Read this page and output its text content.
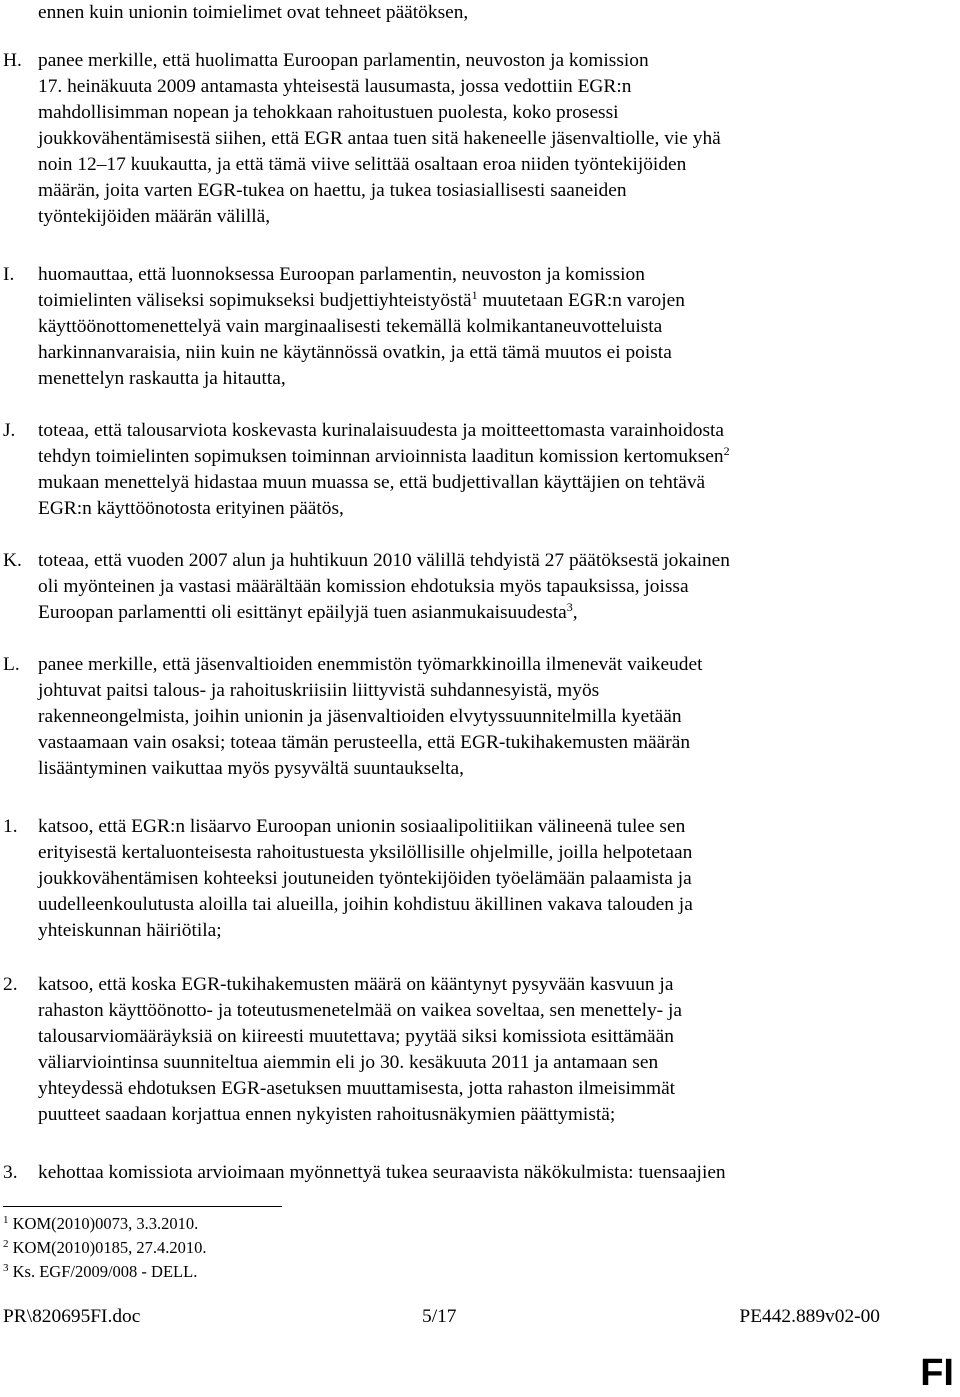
ennen kuin unionin toimielimet ovat tehneet päätöksen,
H. panee merkille, että huolimatta Euroopan parlamentin, neuvoston ja komission
17. heinäkuuta 2009 antamasta yhteisestä lausumasta, jossa vedottiin EGR:n
mahdollisimman nopean ja tehokkaan rahoitustuen puolesta, koko prosessi
joukkovähentämisestä siihen, että EGR antaa tuen sitä hakeneelle jäsenvaltiolle, vie yhä
noin 12–17 kuukautta, ja että tämä viive selittää osaltaan eroa niiden työntekijöiden
määrän, joita varten EGR-tukea on haettu, ja tukea tosiasiallisesti saaneiden
työntekijöiden määrän välillä,
I. huomauttaa, että luonnoksessa Euroopan parlamentin, neuvoston ja komission
toimielinten väliseksi sopimukseksi budjettiyhteistyöstä$^1$ muutetaan EGR:n varojen
käyttöönottomenettelyä vain marginaalisesti tekemällä kolmikantaneuvotteluista
harkinnanvaraisia, niin kuin ne käytännössä ovatkin, ja että tämä muutos ei poista
menettelyn raskautta ja hitautta,
J. toteaa, että talousarviota koskevasta kurinalaisuudesta ja moitteettomasta varainhoidosta
tehdyn toimielinten sopimuksen toiminnan arvioinnista laaditun komission kertomuksen$^2$
mukaan menettelyä hidastaa muun muassa se, että budjettivallan käyttäjien on tehtävä
EGR:n käyttöönotosta erityinen päätös,
K. toteaa, että vuoden 2007 alun ja huhtikuun 2010 välillä tehdyistä 27 päätöksestä jokainen
oli myönteinen ja vastasi määrältään komission ehdotuksia myös tapauksissa, joissa
Euroopan parlamentti oli esittänyt epäilyjä tuen asianmukaisuudesta$^3$,
L. panee merkille, että jäsenvaltioiden enemmistön työmarkkinoilla ilmenevät vaikeudet
johtuvat paitsi talous- ja rahoituskriisiin liittyvistä suhdannesyistä, myös
rakenneongelmista, joihin unionin ja jäsenvaltioiden elvytyssuunnitelmilla kyetään
vastaamaan vain osaksi; toteaa tämän perusteella, että EGR-tukihakemusten määrän
lisääntyminen vaikuttaa myös pysyvältä suuntaukselta,
1. katsoo, että EGR:n lisäarvo Euroopan unionin sosiaalipolitiikan välineenä tulee sen
erityisestä kertaluonteisesta rahoitustuesta yksilöllisille ohjelmille, joilla helpotetaan
joukkovähentämisen kohteeksi joutuneiden työntekijöiden työelämään palaamista ja
uudelleenkoulutusta aloilla tai alueilla, joihin kohdistuu äkillinen vakava talouden ja
yhteiskunnan häiriötila;
2. katsoo, että koska EGR-tukihakemusten määrä on kääntynyt pysyvään kasvuun ja
rahaston käyttöönotto- ja toteutusmenetelmää on vaikea soveltaa, sen menettely- ja
talousarviomääräyksiä on kiireesti muutettava; pyytää siksi komissiota esittämään
väliarviointinsa suunniteltua aiemmin eli jo 30. kesäkuuta 2011 ja antamaan sen
yhteydessä ehdotuksen EGR-asetuksen muuttamisesta, jotta rahaston ilmeisimmät
puutteet saadaan korjattua ennen nykyisten rahoitusnäkymien päättymistä;
3. kehottaa komissiota arvioimaan myönnettyä tukea seuraavista näkökulmista: tuensaajien
$^1$ KOM(2010)0073, 3.3.2010.
$^2$ KOM(2010)0185, 27.4.2010.
$^3$ Ks. EGF/2009/008 - DELL.
PR\820695FI.doc	5/17	PE442.889v02-00
FI
